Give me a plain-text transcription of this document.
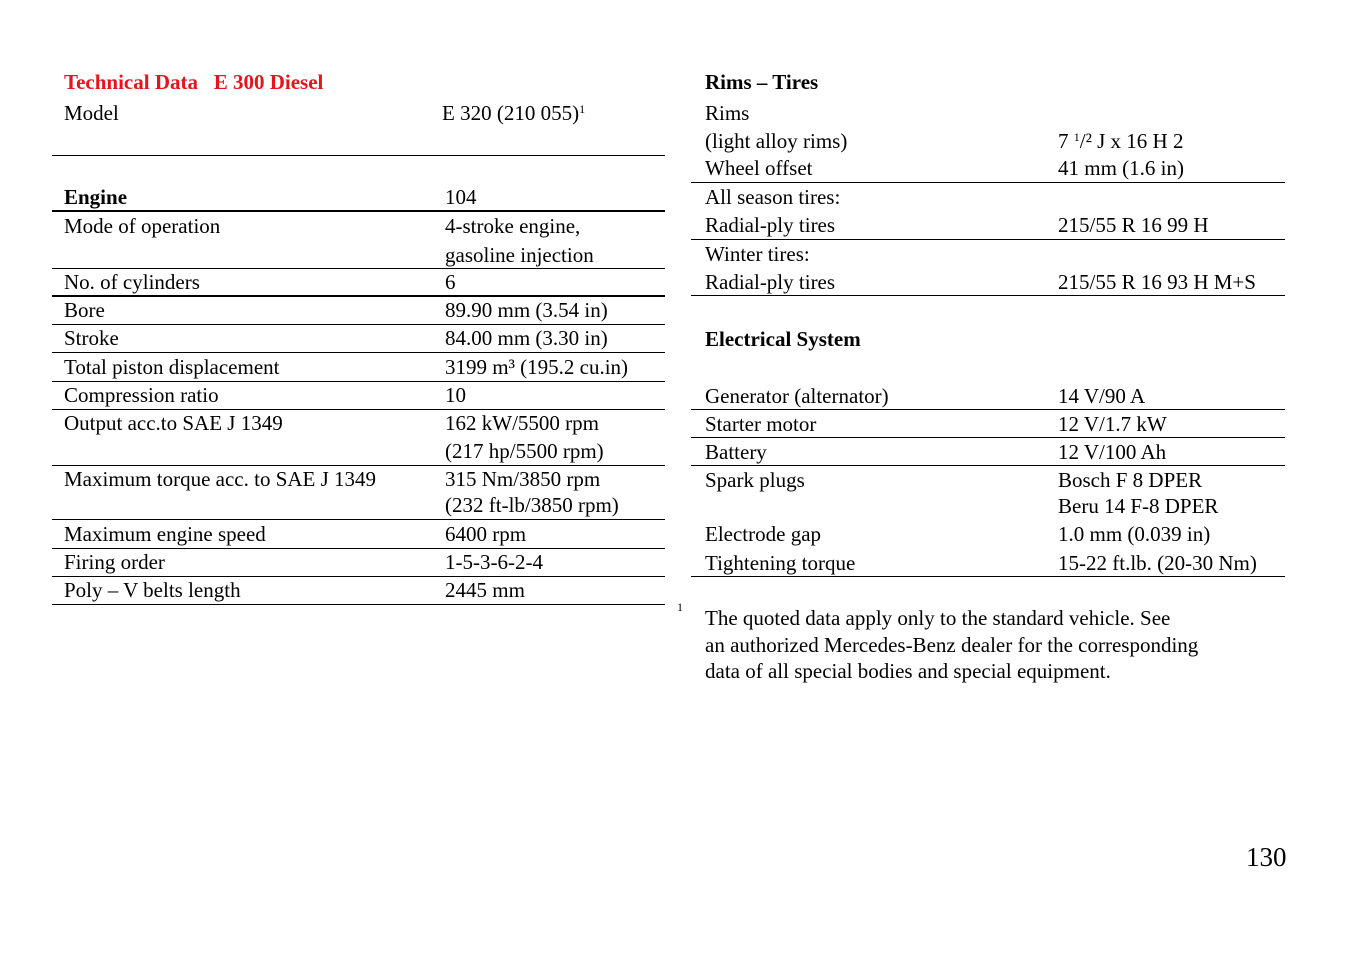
Technical Data E 300 Diesel
Model	E 320 (210 055)$^1$
Engine	104
Mode of operation	4-stroke engine,
gasoline injection
No. of cylinders	6
Bore	89.90 mm (3.54 in)
Stroke	84.00 mm (3.30 in)
Total piston displacement	3199 m³ (195.2 cu.in)
Compression ratio	10
Output acc.to SAE J 1349	162 kW/5500 rpm
(217 hp/5500 rpm)
Maximum torque acc. to SAE J 1349	315 Nm/3850 rpm
(232 ft-lb/3850 rpm)
Maximum engine speed	6400 rpm
Firing order	1-5-3-6-2-4
Poly – V belts length	2445 mm
Rims – Tires
Rims
(light alloy rims)	7 $^1$/² J x 16 H 2
Wheel offset	41 mm (1.6 in)
All season tires:
Radial-ply tires	215/55 R 16 99 H
Winter tires:
Radial-ply tires	215/55 R 16 93 H M+S
Electrical System
Generator (alternator)	14 V/90 A
Starter motor	12 V/1.7 kW
Battery	12 V/100 Ah
Spark plugs	Bosch F 8 DPER
Beru 14 F-8 DPER
Electrode gap	1.0 mm (0.039 in)
Tightening torque	15-22 ft.lb. (20-30 Nm)
1 The quoted data apply only to the standard vehicle. See
an authorized Mercedes-Benz dealer for the corresponding
data of all special bodies and special equipment.
130
